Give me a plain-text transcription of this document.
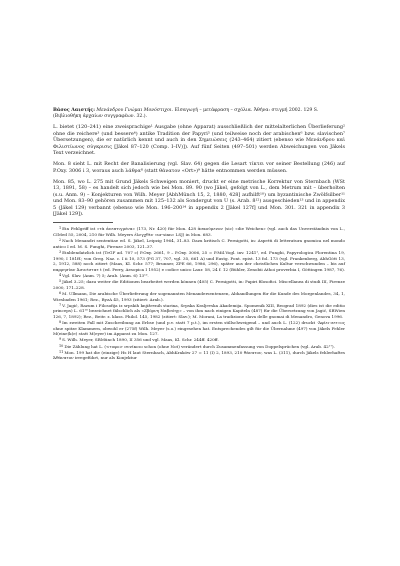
Βάσος Λαιστής: Μενάνδρου Γνώμαι Μονόστιχοι. Εἰσαγωγή – μετάφραση – σχόλια. Ἀθήνα: στιγμή 2002. 129 S. (Βιβλιοθήκη ἀρχαίων συγγραφέων. 32.).

L. bietet (120–241) eine zweisprachige¹ Ausgabe (ohne Apparat) ausschließlich der mittelalterlichen Überlieferung² ohne die reichere³ (und bessere⁴) antike Tradition der Papyri⁵ (und teilweise noch der arabischen⁶ bzw. slavischen⁷ Übersetzungen), die er natürlich kennt und auch in den Σημειώσεις (243–464) zitiert (ebenso wie Μενάνδρου καὶ Φιλιστίωνος σύγκρισις [Jäkel 87–120 (Comp. I–IV)]). Auf fünf Seiten (497–501) werden Abweichungen von Jäkels Text verzeichnet.

Mon. 8 sieht L. mit Recht der Banalisierung (vgl. Slav. 64) gegen die Lesart τίκτει vor seiner Bestellung (246) auf P.Oxy. 3006 i 3, woraus auch λάθρα⁸ (statt θάνατον «Ort»)⁹ hätte entnommen werden müssen.

Mon. 85, wo L. 275 mit Grund Jäkels Schweigen moniert, druckt er eine metrische Korrektur von Sternbach (WSt 13, 1891, 58) – es handelt sich jedoch wie bei Mon. 89. 90 (wo Jäkel, gefolgt von L., dem Metrum mit – überholten (s.u. Anm. 9) – Konjekturen von Wilh. Meyer [AbhMünch 15, 2, 1880, 428] aufhilft¹⁰) um byzantinische Zwölfsilber¹¹ und Mon. 83–90 gehören zusammen mit 125–132 als Sondergut von U (s. Arab. 8¹²) ausgeschieden¹³ und in appendix 5 (Jäkel 129) verbannt (ebenso wie Mon. 196–200¹⁴ in appendix 2 [Jäkel 127f] und Mon. 301. 321 in appendix 3 [Jäkel 129]).

$^1$Ein Fehlgriff ist «τὰ ἀνεπτιγμένα» (173, Nr. 420) für Mon. 428 ἀσκούμενον (sic) «die Weichen» (vgl. auch das Unverständnis von L., CIMed 55, 2004, 210 für Wilh. Meyers ἐλεγχθὲν «ur-sinn» LSJ) in Mon. 683.

$^2$Nach Menandri sententiae ed. S. Jäkel, Leipzig 1964, 31–83. Dazu kritisch C. Pernigotti, in: Aspetti di letteratura gnomica nel mondo antico I ed. M. S. Funghi, Firenze 2003, 121–37.

$^3$Einblendatzlich ist (TrGF ad. 707 c) P.Oxy. 2661, 9 – P.Oxy. 3006, 25 = P.Mil.Vogl. inv. 1241¹, ed. Funghi, Papyrologica Florentina 19, 1990, I 181ff.; von Greg. Naz. c. I ii 10, 573 (PG 37, 707, vgl. 35, 661 A) und Eustg. Pont. epist. 13 fol. 173 (vgl. Frankenberg, AbhGött 13, 2, 1912, 588) noch zitiert (Maas, Kl. Schr. 577; Brunner, ZPE 66, 1986, 296), später aus der christlichen Kultur verschwunden – bis auf παρρησίαν Ἀσινέστατ t (ed. Perry, Aesopica I 1952) e codice unico Laur. 58, 24 f. 12 (Bühler, Zenobii Athoi proverbia I, Göttingen 1987, 76).

$^4$Vgl. Slav. (Anm. 7) 5; Arab. (Anm. 6) 13¹⁵.

$^5$Jäkel 3–25; dazu weiter die Editionen bearbeitet werden können (405) C. Pernigotti, in: Papiri filosofici. Miscellanea di studi III, Firenze 2000, 171–228.

$^6$M. Ullmann, Die arabische Überlieferung der sogenannten Menandersentenzen, Abhandlungen für die Kunde des Morgenlandes, 34, 1, Wiesbaden 1961; Rez., ByzA 45, 1993 (zitiert: Arab.).

$^7$V. Jagić, Razum i Filosofija iz srpskih književnih starina, Srpska Kraljevska Akademija. Spomenik XIII, Beograd 1892 (dies ist die editio princeps) L. 61¹⁶ bezeichnet fälschlich als «Ζβόρνη Ναβσόηγ» – von ihm nach einigen Kapiteln (487) für die Übersetzung von Jagić, SBWien 126, 7, 1892); Rez., Beitr. z. klass. Philol. 145, 1982 (zitiert: Slav.); M. Morani, La tradizione slava delle gnomai di Menandro, Genova 1996.

$^8$Im zweiten Fall mit Zuschreibung an Erbse (und p.v. statt 7 p.t.), im ersten stillschweigend – und auch L. (122) druckt ·Ἀφίει·σετ»ος ohne spitze Klammern, obwohl er (275f) Wilh. Meyer (s.o.) eingesehen hat. Entsprechendes gilt für die Übernahme (497) von Jäkels Fehler M(eine)k(e) statt M(eyer) im Apparat zu Mon. 127.

$^9$S. Wilh. Meyer, SBMünch 1890, II 356 und vgl. Maas, Kl. Schr. 244ff. 420ff.

$^{10}$Die Zählung hat L. (<τοφο> συνίκοιο schon (ohne Not) verändert durch Zusammenfassung von Doppelsprüchen (vgl. Arab. 42¹⁷).

$^{11}$Mon. 199 hat die (einzige) Hs H laut Sternbach, AbhKraków 27 = 11 (I) 2, 1893, 210 θάνατον, was L. (311), durch Jäkels fehlerhaftes Ἀθάνατον irregeführt, nur als Konjektur
